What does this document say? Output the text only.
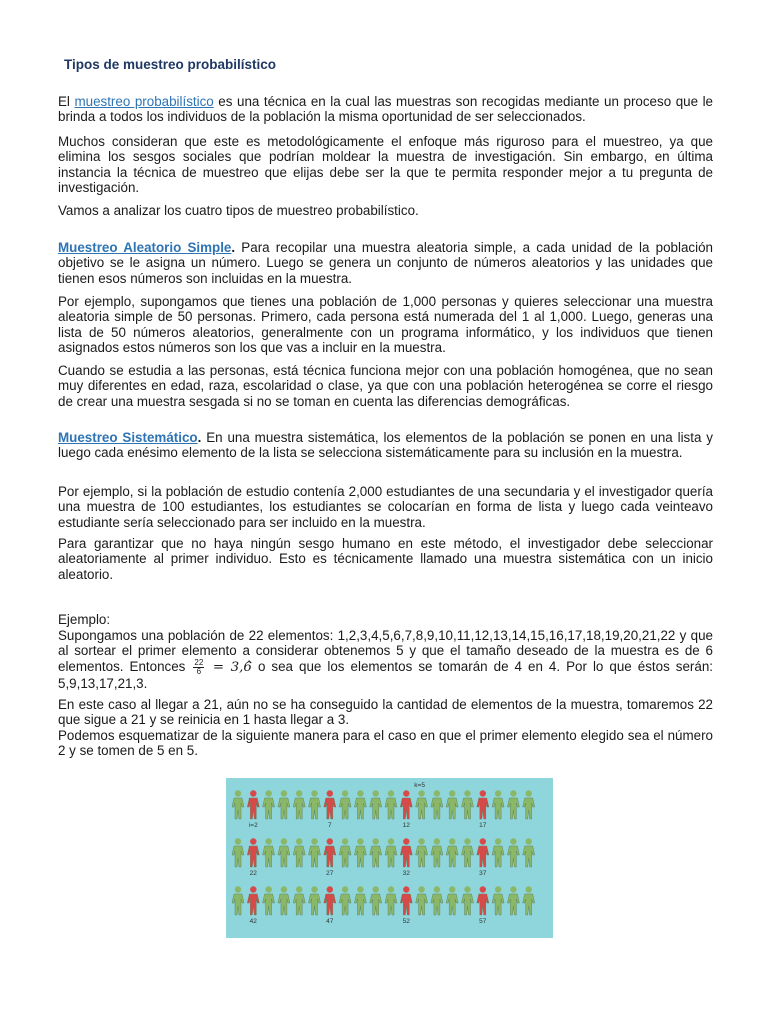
Tipos de muestreo probabilístico
El muestreo probabilístico es una técnica en la cual las muestras son recogidas mediante un proceso que le brinda a todos los individuos de la población la misma oportunidad de ser seleccionados.
Muchos consideran que este es metodológicamente el enfoque más riguroso para el muestreo, ya que elimina los sesgos sociales que podrían moldear la muestra de investigación. Sin embargo, en última instancia la técnica de muestreo que elijas debe ser la que te permita responder mejor a tu pregunta de investigación.
Vamos a analizar los cuatro tipos de muestreo probabilístico.
Muestreo Aleatorio Simple. Para recopilar una muestra aleatoria simple, a cada unidad de la población objetivo se le asigna un número. Luego se genera un conjunto de números aleatorios y las unidades que tienen esos números son incluidas en la muestra.
Por ejemplo, supongamos que tienes una población de 1,000 personas y quieres seleccionar una muestra aleatoria simple de 50 personas. Primero, cada persona está numerada del 1 al 1,000. Luego, generas una lista de 50 números aleatorios, generalmente con un programa informático, y los individuos que tienen asignados estos números son los que vas a incluir en la muestra.
Cuando se estudia a las personas, está técnica funciona mejor con una población homogénea, que no sean muy diferentes en edad, raza, escolaridad o clase, ya que con una población heterogénea se corre el riesgo de crear una muestra sesgada si no se toman en cuenta las diferencias demográficas.
Muestreo Sistemático. En una muestra sistemática, los elementos de la población se ponen en una lista y luego cada enésimo elemento de la lista se selecciona sistemáticamente para su inclusión en la muestra.
Por ejemplo, si la población de estudio contenía 2,000 estudiantes de una secundaria y el investigador quería una muestra de 100 estudiantes, los estudiantes se colocarían en forma de lista y luego cada veinteavo estudiante sería seleccionado para ser incluido en la muestra.
Para garantizar que no haya ningún sesgo humano en este método, el investigador debe seleccionar aleatoriamente al primer individuo. Esto es técnicamente llamado una muestra sistemática con un inicio aleatorio.
Ejemplo:
Supongamos una población de 22 elementos: 1,2,3,4,5,6,7,8,9,10,11,12,13,14,15,16,17,18,19,20,21,22 y que al sortear el primer elemento a considerar obtenemos 5 y que el tamaño deseado de la muestra es de 6 elementos. Entonces $\frac{22}{6}$ = 3,6̂ o sea que los elementos se tomarán de 4 en 4. Por lo que éstos serán: 5,9,13,17,21,3.
En este caso al llegar a 21, aún no se ha conseguido la cantidad de elementos de la muestra, tomaremos 22 que sigue a 21 y se reinicia en 1 hasta llegar a 3.
Podemos esquematizar de la siguiente manera para el caso en que el primer elemento elegido sea el número 2 y se tomen de 5 en 5.
i=2	7	12	17
22	27	32	37
42	47	52	57
k=5
